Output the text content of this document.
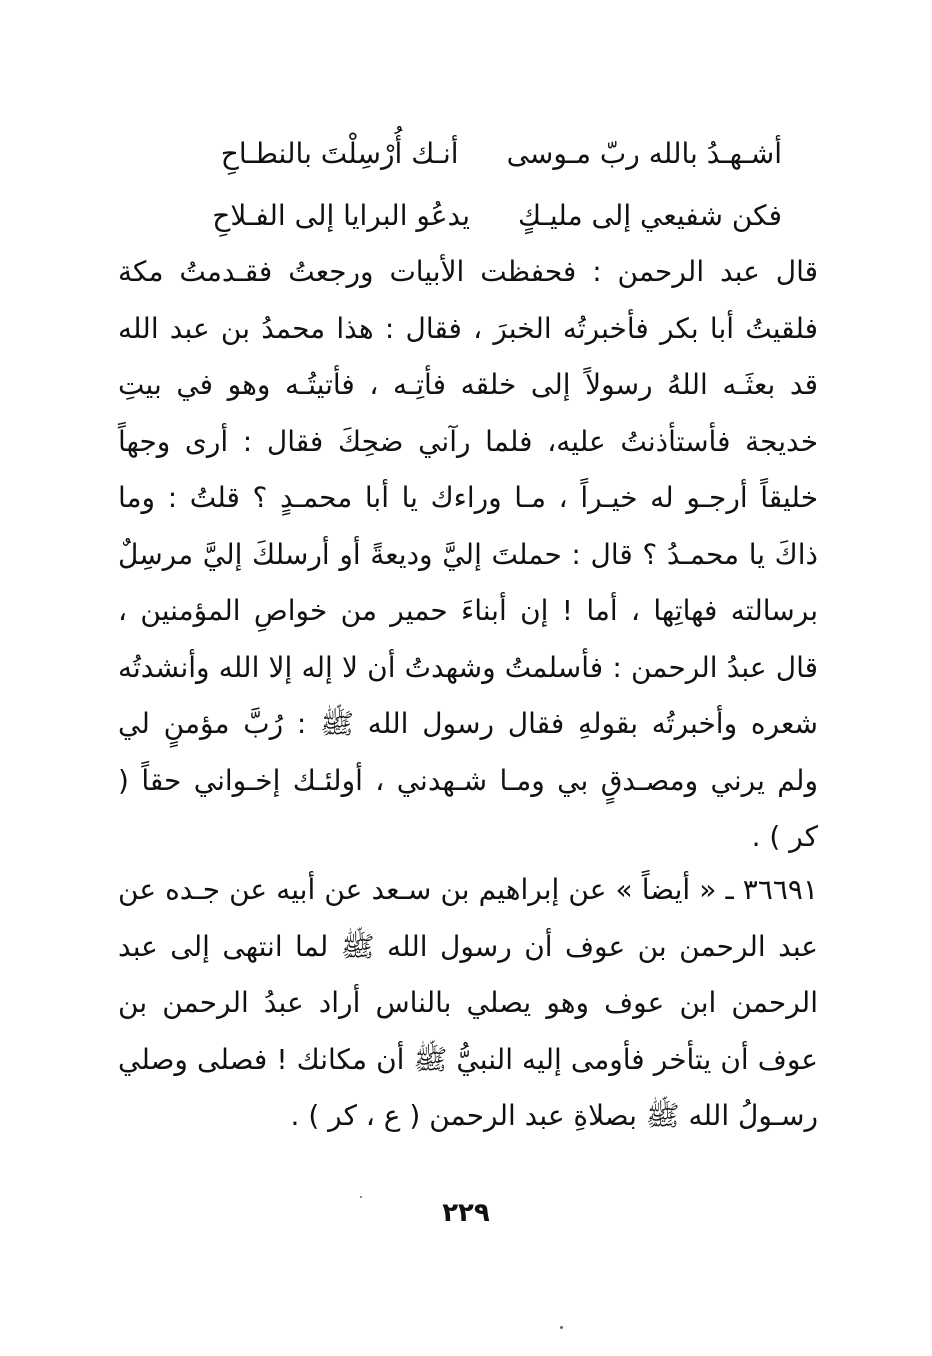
أشـهـدُ بالله ربّ مـوسى
أنـك أُرْسِلْتَ بالنطـاحِ
فكن شفيعي إلى مليـكٍ
يدعُو البرايا إلى الفـلاحِ

قال عبد الرحمن : فحفظت الأبيات ورجعتُ فقـدمتُ مكة فلقيتُ أبا بكر فأخبرتُه الخبرَ ، فقال : هذا محمدُ بن عبد الله قد بعثَـه اللهُ رسولاً إلى خلقه فأتِـه ، فأتيتُـه وهو في بيتِ خديجة فأستأذنتُ عليه، فلما رآني ضحِكَ فقال : أرى وجهاً خليقاً أرجـو له خيـراً ، مـا وراءك يا أبا محمـدٍ ؟ قلتُ : وما ذاكَ يا محمـدُ ؟ قال : حملتَ إليَّ وديعةً أو أرسلكَ إليَّ مرسِلٌ برسالته فهاتِها ، أما ! إن أبناءَ حمير من خواصِ المؤمنين ، قال عبدُ الرحمن : فأسلمتُ وشهدتُ أن لا إله إلا الله وأنشدتُه شعره وأخبرتُه بقولهِ فقال رسول الله ﷺ : رُبَّ مؤمنٍ لي ولم يرني ومصـدقٍ بي ومـا شـهدني ، أولئـك إخـواني حقاً ( كر ) .

٣٦٦٩١ ـ « أيضاً » عن إبراهيم بن سـعد عن أبيه عن جـده عن عبد الرحمن بن عوف أن رسول الله ﷺ لما انتهى إلى عبد الرحمن ابن عوف وهو يصلي بالناس أراد عبدُ الرحمن بن عوف أن يتأخر فأومى إليه النبيُّ ﷺ أن مكانك ! فصلى وصلي رسـولُ الله ﷺ بصلاةِ عبد الرحمن ( ع ، كر ) .

٢٢٩
